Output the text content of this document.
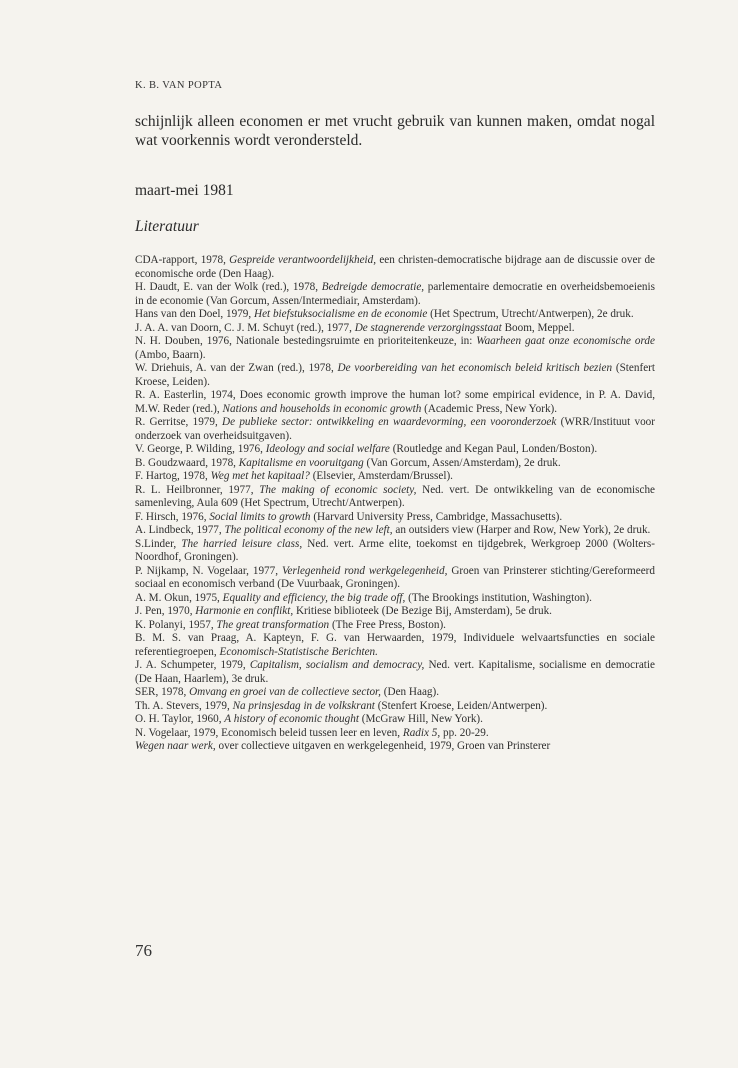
K. B. VAN POPTA
schijnlijk alleen economen er met vrucht gebruik van kunnen maken, omdat nogal wat voorkennis wordt verondersteld.
maart-mei 1981
Literatuur

CDA-rapport, 1978, Gespreide verantwoordelijkheid, een christen-democratische bijdrage aan de discussie over de economische orde (Den Haag).

H. Daudt, E. van der Wolk (red.), 1978, Bedreigde democratie, parlementaire democratie en overheidsbemoeienis in de economie (Van Gorcum, Assen/Intermediair, Amsterdam).

Hans van den Doel, 1979, Het biefstuksocialisme en de economie (Het Spectrum, Utrecht/Antwerpen), 2e druk.

J. A. A. van Doorn, C. J. M. Schuyt (red.), 1977, De stagnerende verzorgingsstaat Boom, Meppel.

N. H. Douben, 1976, Nationale bestedingsruimte en prioriteitenkeuze, in: Waarheen gaat onze economische orde (Ambo, Baarn).

W. Driehuis, A. van der Zwan (red.), 1978, De voorbereiding van het economisch beleid kritisch bezien (Stenfert Kroese, Leiden).

R. A. Easterlin, 1974, Does economic growth improve the human lot? some empirical evidence, in P. A. David, M.W. Reder (red.), Nations and households in economic growth (Academic Press, New York).

R. Gerritse, 1979, De publieke sector: ontwikkeling en waardevorming, een vooronderzoek (WRR/Instituut voor onderzoek van overheidsuitgaven).

V. George, P. Wilding, 1976, Ideology and social welfare (Routledge and Kegan Paul, Londen/Boston).

B. Goudzwaard, 1978, Kapitalisme en vooruitgang (Van Gorcum, Assen/Amsterdam), 2e druk.

F. Hartog, 1978, Weg met het kapitaal? (Elsevier, Amsterdam/Brussel).

R. L. Heilbronner, 1977, The making of economic society, Ned. vert. De ontwikkeling van de economische samenleving, Aula 609 (Het Spectrum, Utrecht/Antwerpen).

F. Hirsch, 1976, Social limits to growth (Harvard University Press, Cambridge, Massachusetts).

A. Lindbeck, 1977, The political economy of the new left, an outsiders view (Harper and Row, New York), 2e druk.

S.Linder, The harried leisure class, Ned. vert. Arme elite, toekomst en tijdgebrek, Werkgroep 2000 (Wolters-Noordhof, Groningen).

P. Nijkamp, N. Vogelaar, 1977, Verlegenheid rond werkgelegenheid, Groen van Prinsterer stichting/Gereformeerd sociaal en economisch verband (De Vuurbaak, Groningen).

A. M. Okun, 1975, Equality and efficiency, the big trade off, (The Brookings institution, Washington).

J. Pen, 1970, Harmonie en conflikt, Kritiese biblioteek (De Bezige Bij, Amsterdam), 5e druk.

K. Polanyi, 1957, The great transformation (The Free Press, Boston).

B. M. S. van Praag, A. Kapteyn, F. G. van Herwaarden, 1979, Individuele welvaartsfuncties en sociale referentiegroepen, Economisch-Statistische Berichten.

J. A. Schumpeter, 1979, Capitalism, socialism and democracy, Ned. vert. Kapitalisme, socialisme en democratie (De Haan, Haarlem), 3e druk.

SER, 1978, Omvang en groei van de collectieve sector, (Den Haag).

Th. A. Stevers, 1979, Na prinsjesdag in de volkskrant (Stenfert Kroese, Leiden/Antwerpen).

O. H. Taylor, 1960, A history of economic thought (McGraw Hill, New York).

N. Vogelaar, 1979, Economisch beleid tussen leer en leven, Radix 5, pp. 20-29.

Wegen naar werk, over collectieve uitgaven en werkgelegenheid, 1979, Groen van Prinsterer

76
